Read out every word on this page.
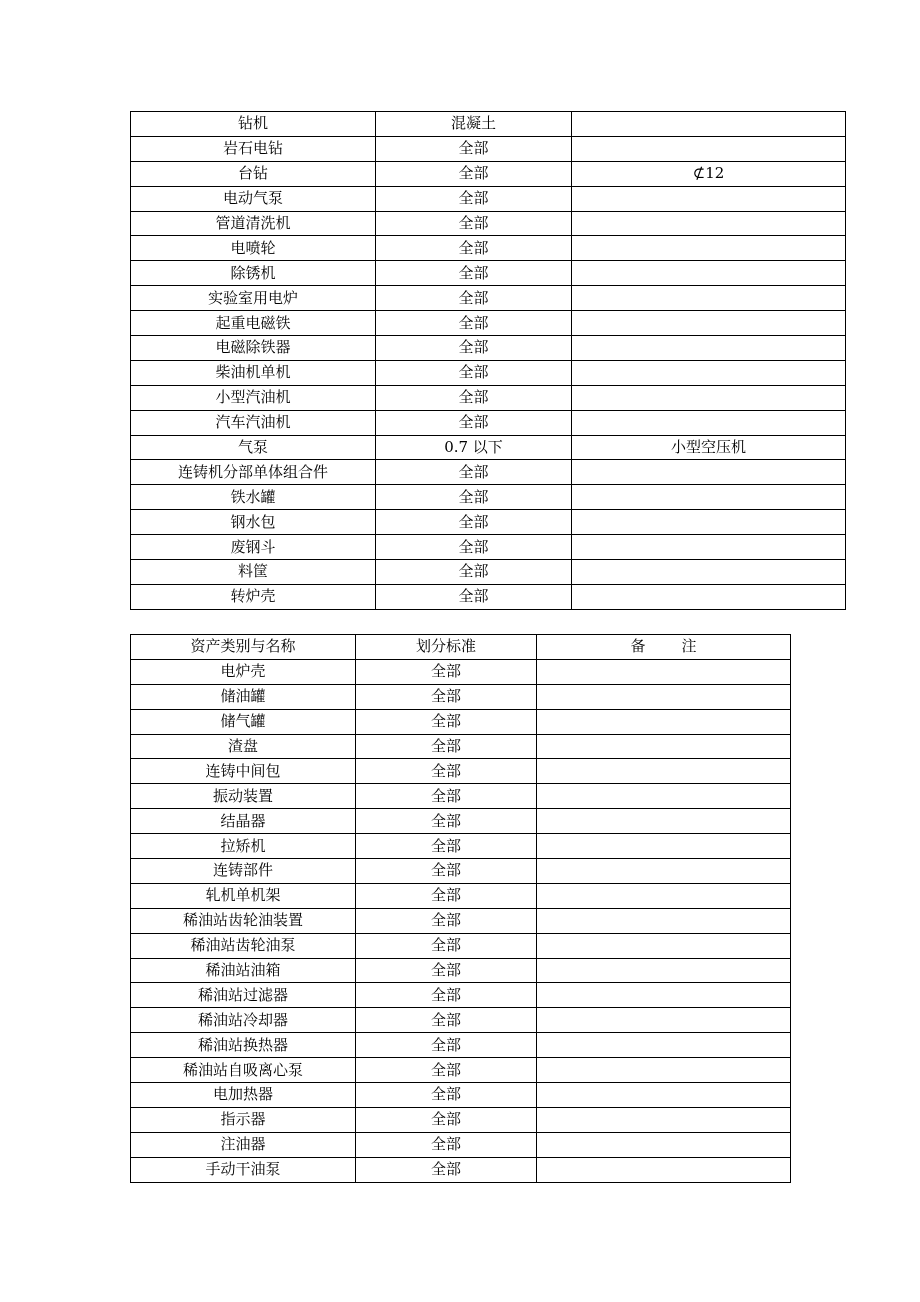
钻机	混凝土	
岩石电钻	全部	
台钻	全部	⊄12
电动气泵	全部	
管道清洗机	全部	
电喷轮	全部	
除锈机	全部	
实验室用电炉	全部	
起重电磁铁	全部	
电磁除铁器	全部	
柴油机单机	全部	
小型汽油机	全部	
汽车汽油机	全部	
气泵	0.7 以下	小型空压机
连铸机分部单体组合件	全部	
铁水罐	全部	
钢水包	全部	
废钢斗	全部	
料筐	全部	
转炉壳	全部	
资产类别与名称	划分标准	备注
电炉壳	全部	
储油罐	全部	
储气罐	全部	
渣盘	全部	
连铸中间包	全部	
振动装置	全部	
结晶器	全部	
拉矫机	全部	
连铸部件	全部	
轧机单机架	全部	
稀油站齿轮油装置	全部	
稀油站齿轮油泵	全部	
稀油站油箱	全部	
稀油站过滤器	全部	
稀油站冷却器	全部	
稀油站换热器	全部	
稀油站自吸离心泵	全部	
电加热器	全部	
指示器	全部	
注油器	全部	
手动干油泵	全部	
